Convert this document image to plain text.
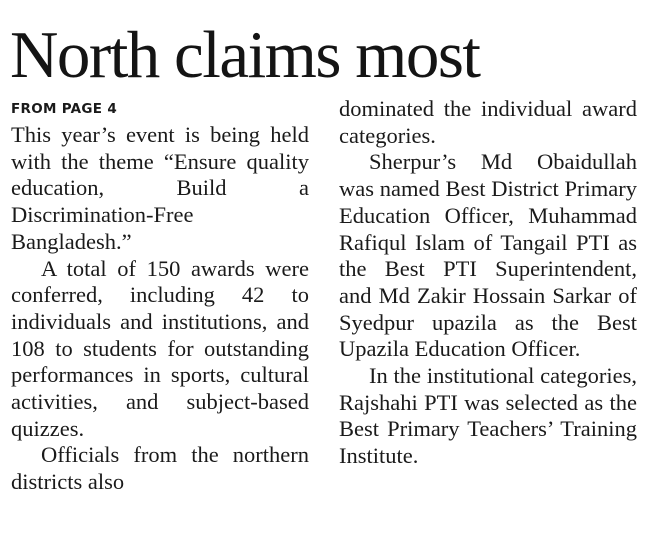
North claims most
FROM PAGE 4

This year’s event is being held with the theme “Ensure quality education, Build a Discrimination-Free Bangladesh.”

A total of 150 awards were conferred, including 42 to individuals and institutions, and 108 to students for outstanding performances in sports, cultural activities, and subject-based quizzes.

Officials from the northern districts also

dominated the individual award categories.

Sherpur’s Md Obaidullah was named Best District Primary Education Officer, Muhammad Rafiqul Islam of Tangail PTI as the Best PTI Superintendent, and Md Zakir Hossain Sarkar of Syedpur upazila as the Best Upazila Education Officer.

In the institutional categories, Rajshahi PTI was selected as the Best Primary Teachers’ Training Institute.
